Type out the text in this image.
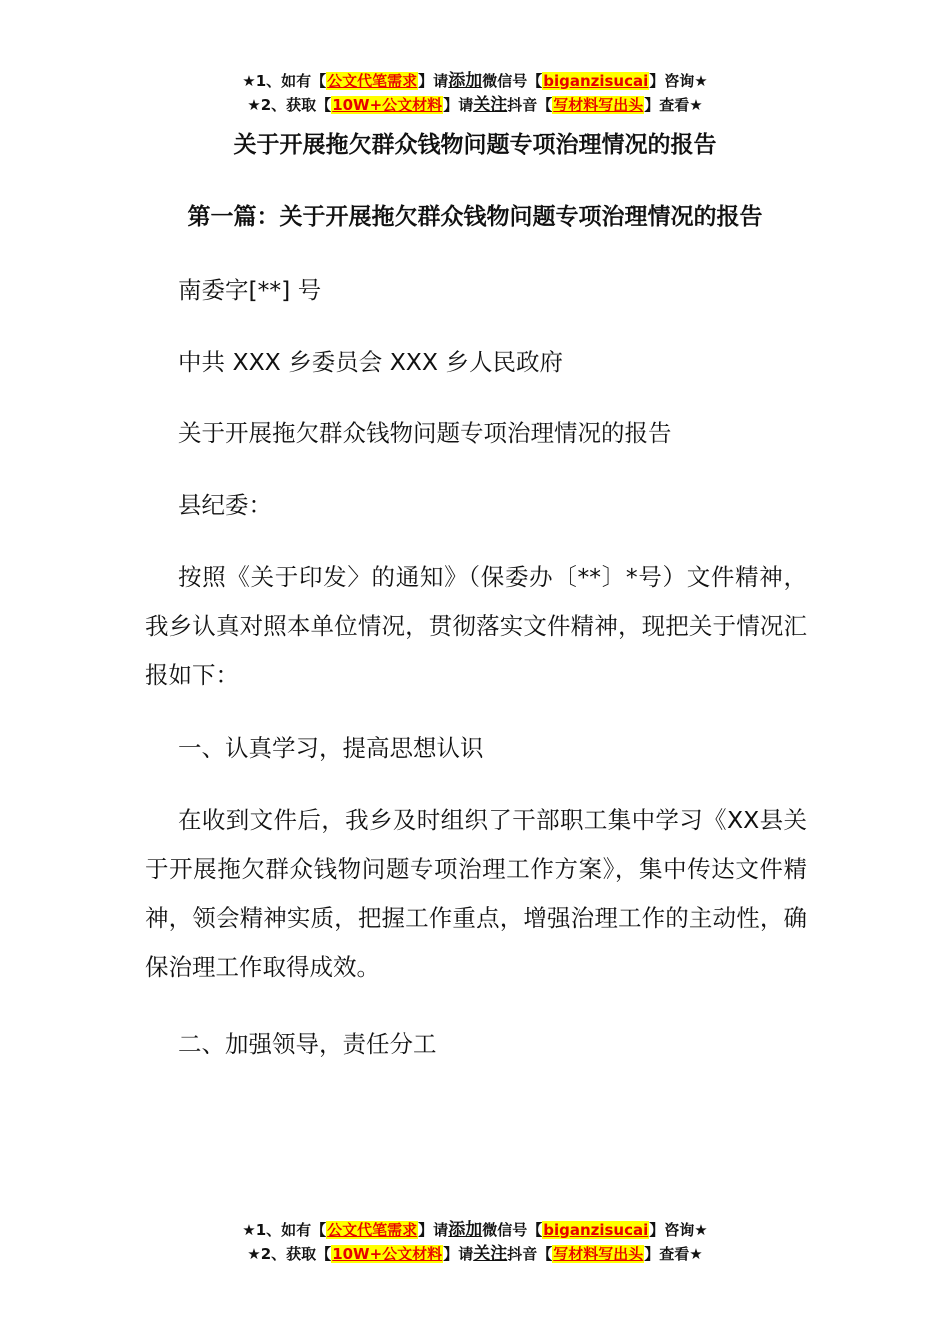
★1、如有【公文代笔需求】请添加微信号【biganzisucai】咨询★
★2、获取【10W+公文材料】请关注抖音【写材料写出头】查看★
关于开展拖欠群众钱物问题专项治理情况的报告
第一篇：关于开展拖欠群众钱物问题专项治理情况的报告
南委字[**] 号
中共 XXX 乡委员会 XXX 乡人民政府
关于开展拖欠群众钱物问题专项治理情况的报告
县纪委：
按照《关于印发〉的通知》（保委办〔**〕*号）文件精神，我乡认真对照本单位情况，贯彻落实文件精神，现把关于情况汇报如下：
一、认真学习，提高思想认识
在收到文件后，我乡及时组织了干部职工集中学习《XX县关于开展拖欠群众钱物问题专项治理工作方案》，集中传达文件精神，领会精神实质，把握工作重点，增强治理工作的主动性，确保治理工作取得成效。
二、加强领导，责任分工
★1、如有【公文代笔需求】请添加微信号【biganzisucai】咨询★
★2、获取【10W+公文材料】请关注抖音【写材料写出头】查看★
